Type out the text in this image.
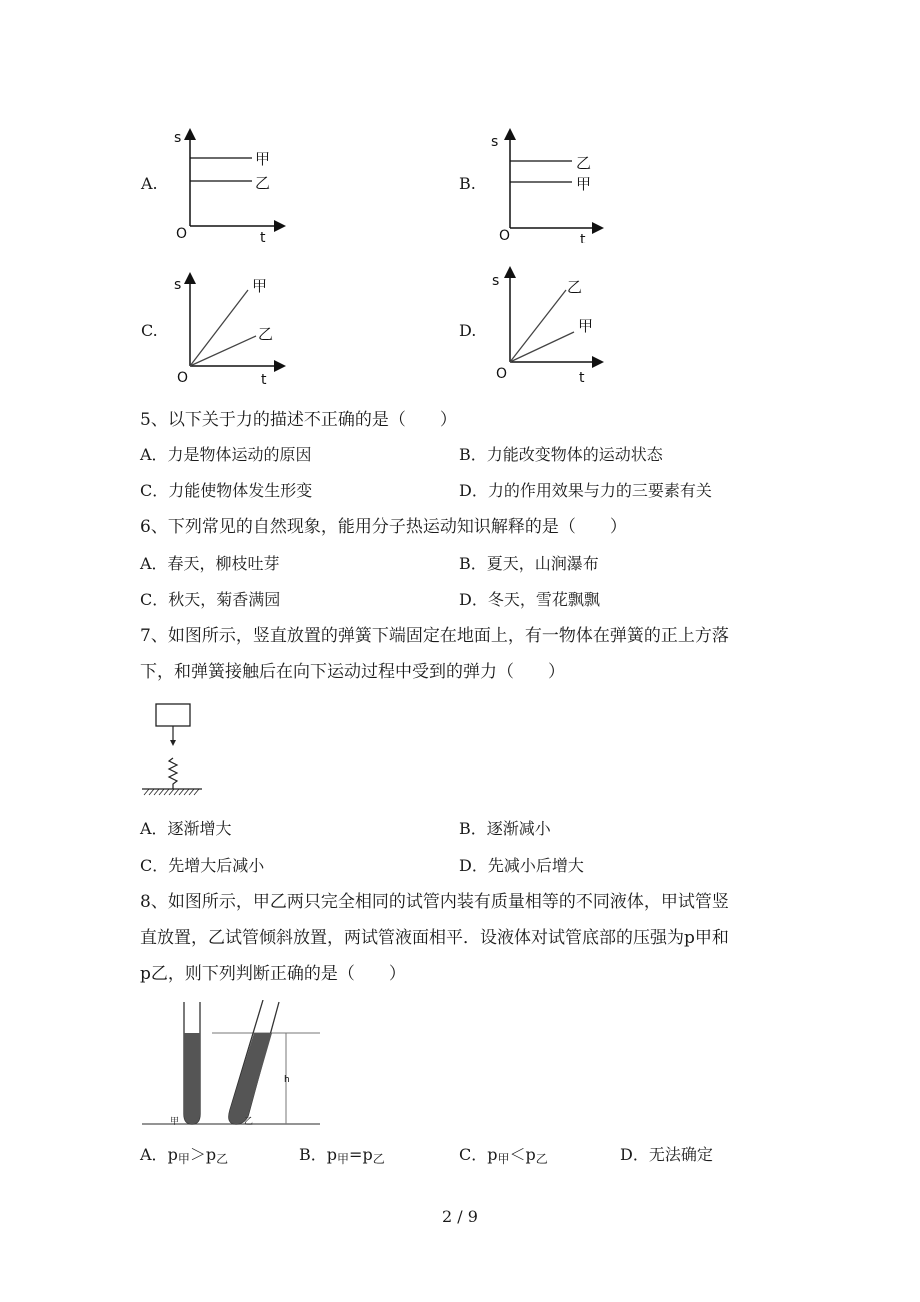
A.
s
O	t
甲
乙	B.
s
O	t
乙
甲
C.
s
O	t
甲
乙	D.
s
O	t
乙
甲
5、以下关于力的描述不正确的是（　　）
A．力是物体运动的原因	B．力能改变物体的运动状态
C．力能使物体发生形变	D．力的作用效果与力的三要素有关
6、下列常见的自然现象，能用分子热运动知识解释的是（　　）
A．春天，柳枝吐芽	B．夏天，山涧瀑布
C．秋天，菊香满园	D．冬天，雪花飘飘
7、如图所示，竖直放置的弹簧下端固定在地面上，有一物体在弹簧的正上方落
下，和弹簧接触后在向下运动过程中受到的弹力（　　）
A．逐渐增大	B．逐渐减小
C．先增大后减小	D．先减小后增大
8、如图所示，甲乙两只完全相同的试管内装有质量相等的不同液体，甲试管竖
直放置，乙试管倾斜放置，两试管液面相平．设液体对试管底部的压强为p甲和
p乙，则下列判断正确的是（　　）
h
甲	乙
A．$p_甲>p_乙$	B．$p_甲=p_乙$	C．$p_甲<p_乙$	D．无法确定
2 / 9
